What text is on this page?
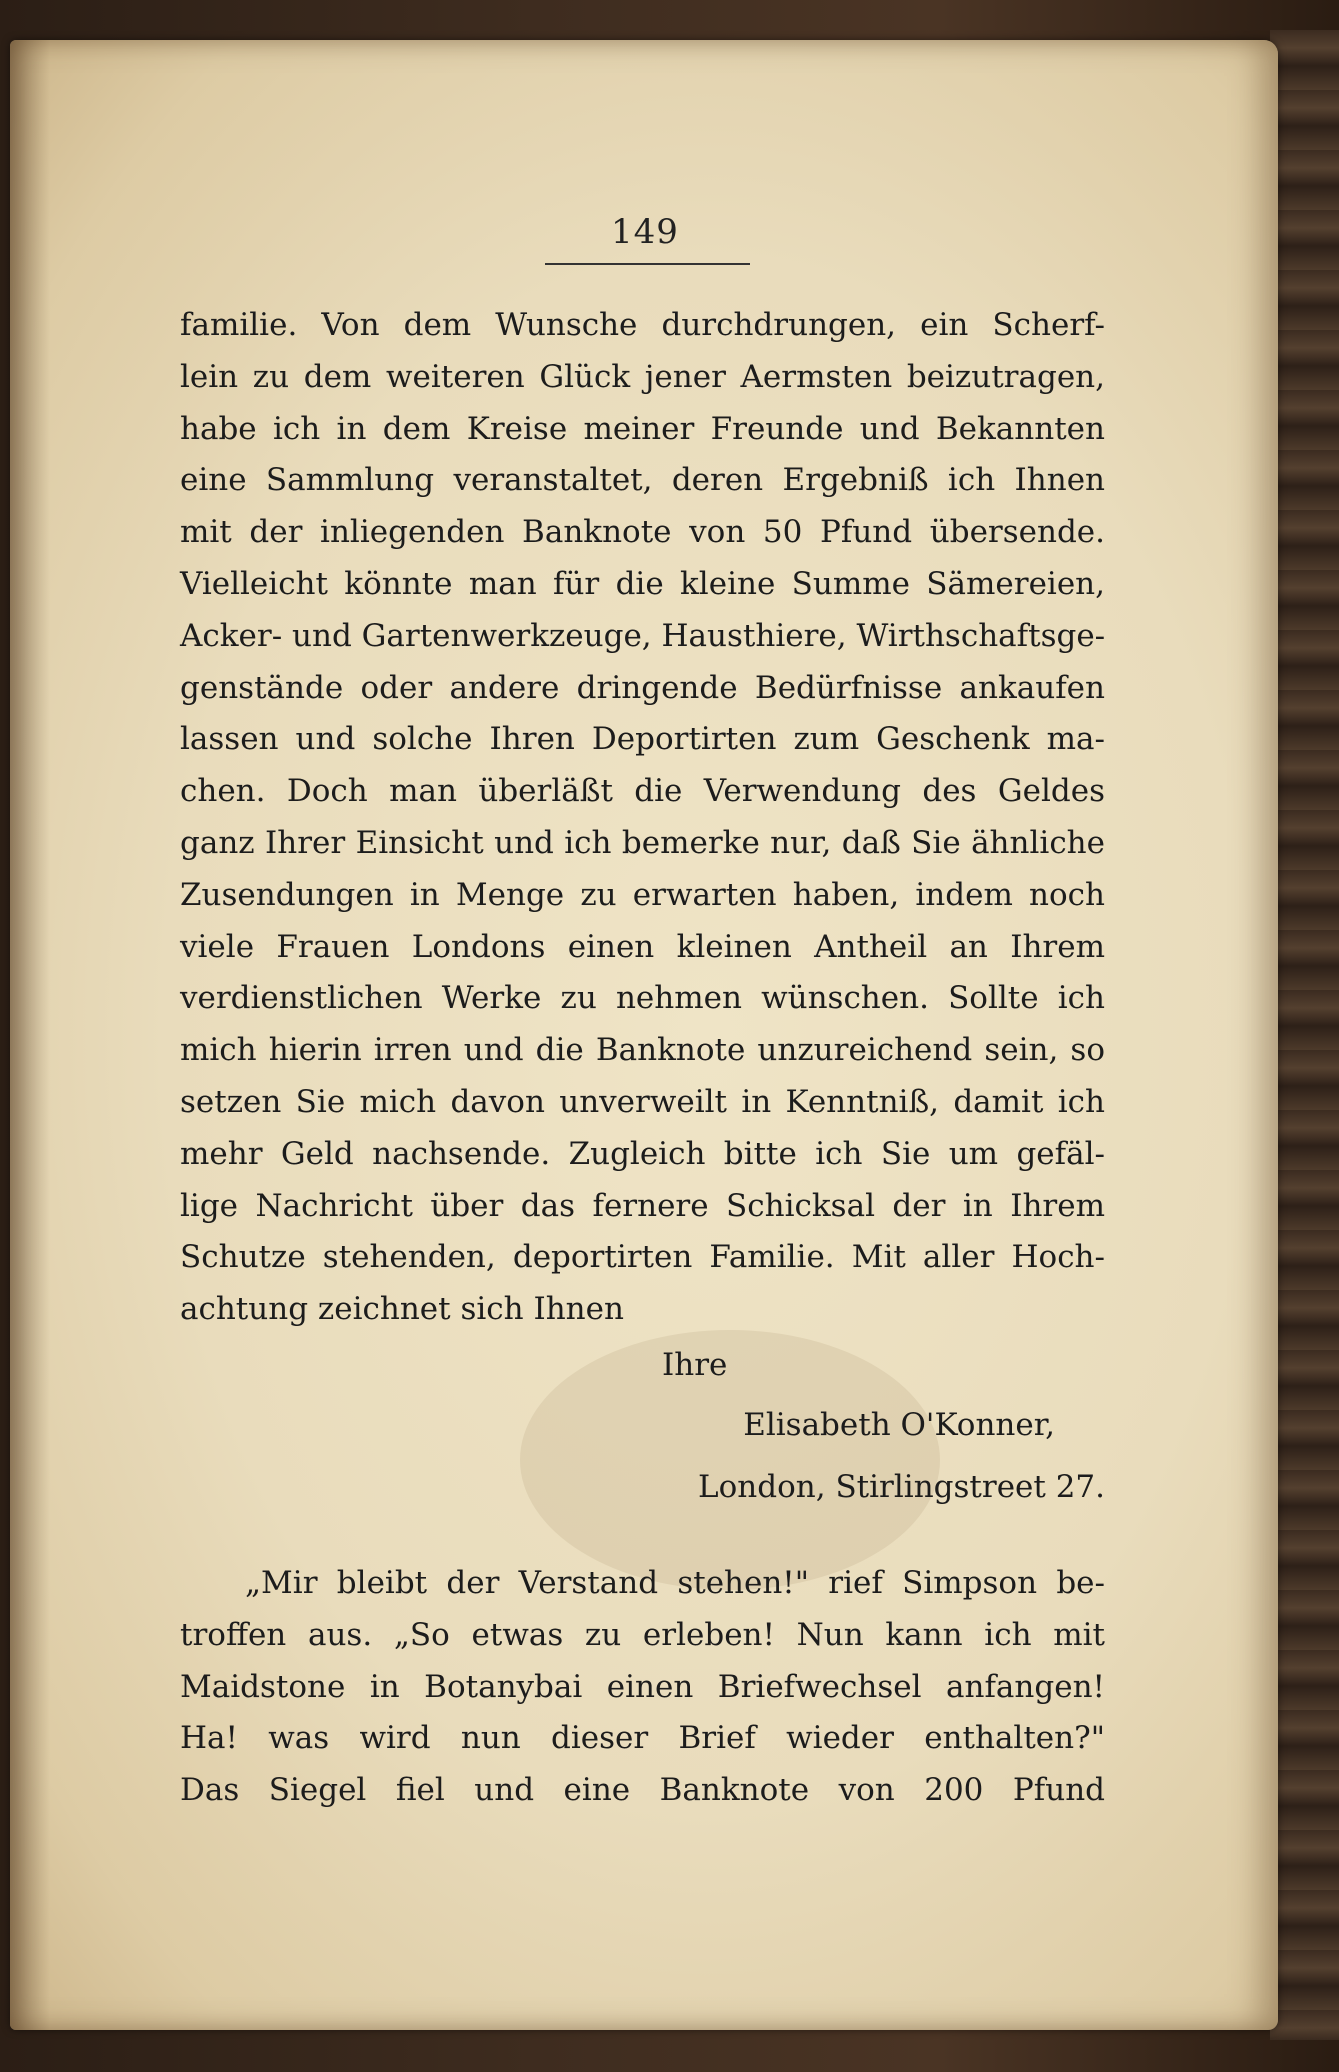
149
familie. Von dem Wunsche durchdrungen, ein Scherf-
lein zu dem weiteren Glück jener Aermsten beizutragen,
habe ich in dem Kreise meiner Freunde und Bekannten
eine Sammlung veranstaltet, deren Ergebniß ich Ihnen
mit der inliegenden Banknote von 50 Pfund übersende.
Vielleicht könnte man für die kleine Summe Sämereien,
Acker- und Gartenwerkzeuge, Hausthiere, Wirthschaftsge-
genstände oder andere dringende Bedürfnisse ankaufen
lassen und solche Ihren Deportirten zum Geschenk ma-
chen. Doch man überläßt die Verwendung des Geldes
ganz Ihrer Einsicht und ich bemerke nur, daß Sie ähnliche
Zusendungen in Menge zu erwarten haben, indem noch
viele Frauen Londons einen kleinen Antheil an Ihrem
verdienstlichen Werke zu nehmen wünschen. Sollte ich
mich hierin irren und die Banknote unzureichend sein, so
setzen Sie mich davon unverweilt in Kenntniß, damit ich
mehr Geld nachsende. Zugleich bitte ich Sie um gefäl-
lige Nachricht über das fernere Schicksal der in Ihrem
Schutze stehenden, deportirten Familie. Mit aller Hoch-
achtung zeichnet sich Ihnen
Ihre
Elisabeth O'Konner,
London, Stirlingstreet 27.
„Mir bleibt der Verstand stehen!" rief Simpson be-
troffen aus. „So etwas zu erleben! Nun kann ich mit
Maidstone in Botanybai einen Briefwechsel anfangen!
Ha! was wird nun dieser Brief wieder enthalten?"
Das Siegel fiel und eine Banknote von 200 Pfund
